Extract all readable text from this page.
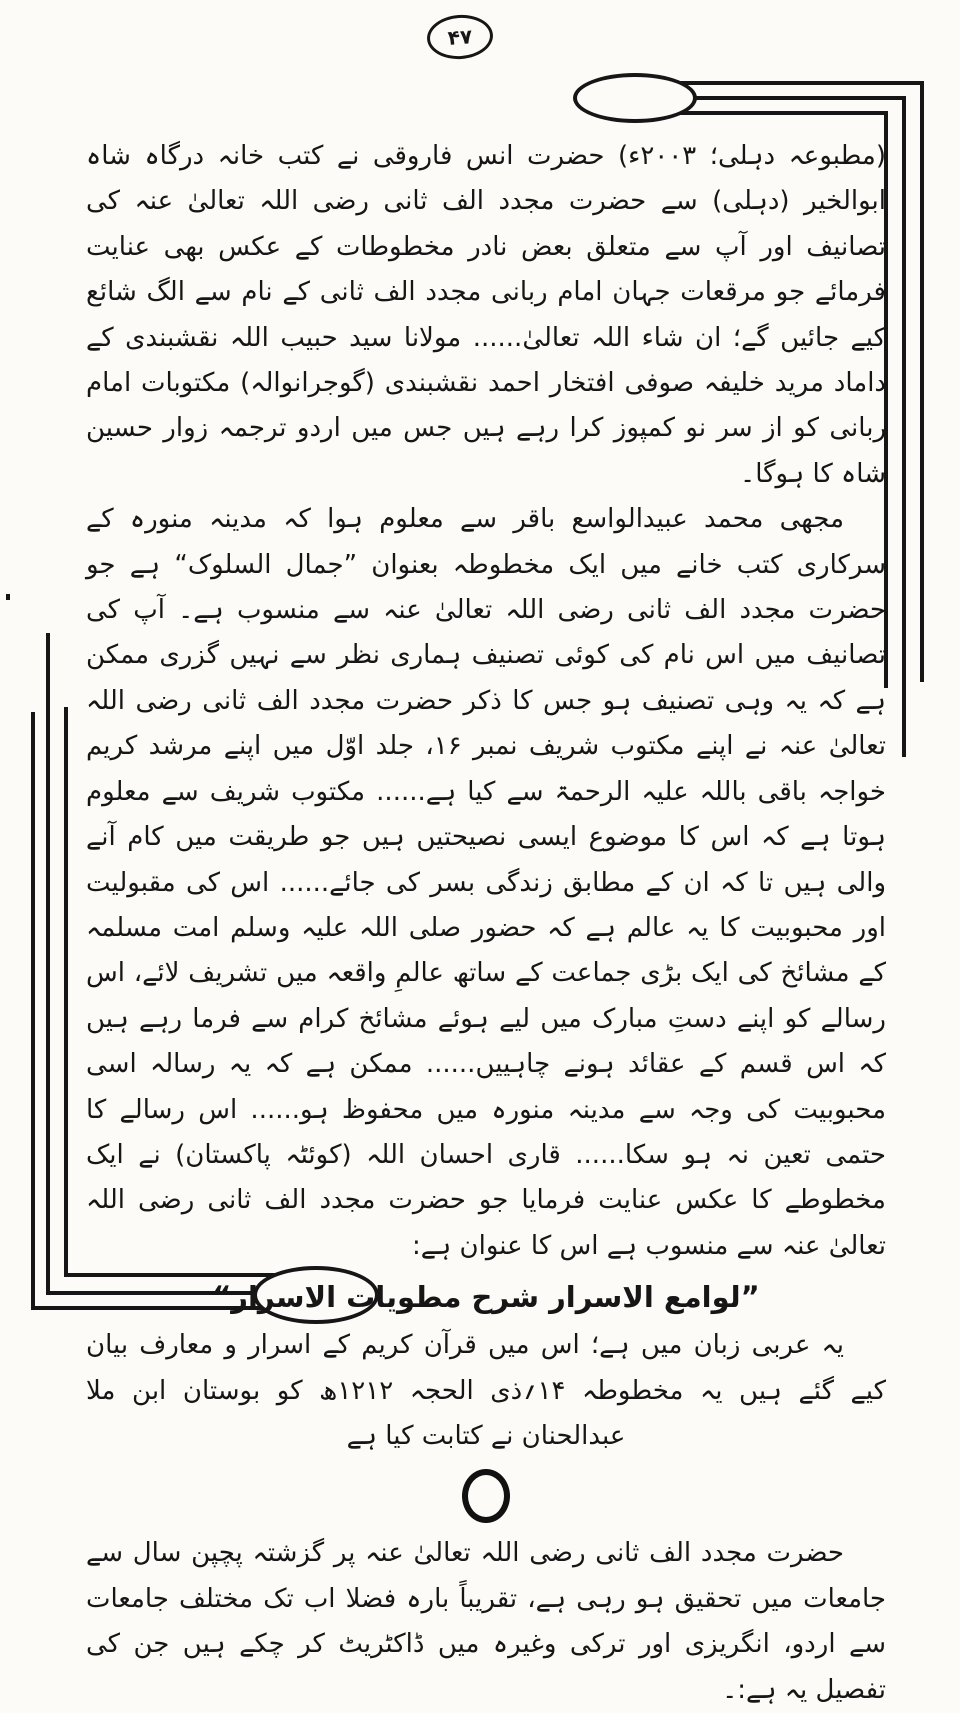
۴۷

(مطبوعہ دہلی؛ ۲۰۰۳ء) حضرت انس فاروقی نے کتب خانہ درگاہ شاہ ابوالخیر (دہلی) سے حضرت مجدد الف ثانی رضی اللہ تعالیٰ عنہ کی تصانیف اور آپ سے متعلق بعض نادر مخطوطات کے عکس بھی عنایت فرمائے جو مرقعات جہان امام ربانی مجدد الف ثانی کے نام سے الگ شائع کیے جائیں گے؛ ان شاء اللہ تعالیٰ...... مولانا سید حبیب اللہ نقشبندی کے داماد مرید خلیفہ صوفی افتخار احمد نقشبندی (گوجرانوالہ) مکتوبات امام ربانی کو از سر نو کمپوز کرا رہے ہیں جس میں اردو ترجمہ زوار حسین شاہ کا ہوگا۔

مجھی محمد عبیدالواسع باقر سے معلوم ہوا کہ مدینہ منورہ کے سرکاری کتب خانے میں ایک مخطوطہ بعنوان ”جمال السلوک“ ہے جو حضرت مجدد الف ثانی رضی اللہ تعالیٰ عنہ سے منسوب ہے۔ آپ کی تصانیف میں اس نام کی کوئی تصنیف ہماری نظر سے نہیں گزری ممکن ہے کہ یہ وہی تصنیف ہو جس کا ذکر حضرت مجدد الف ثانی رضی اللہ تعالیٰ عنہ نے اپنے مکتوب شریف نمبر ۱۶، جلد اوّل میں اپنے مرشد کریم خواجہ باقی باللہ علیہ الرحمۃ سے کیا ہے...... مکتوب شریف سے معلوم ہوتا ہے کہ اس کا موضوع ایسی نصیحتیں ہیں جو طریقت میں کام آنے والی ہیں تا کہ ان کے مطابق زندگی بسر کی جائے...... اس کی مقبولیت اور محبوبیت کا یہ عالم ہے کہ حضور صلی اللہ علیہ وسلم امت مسلمہ کے مشائخ کی ایک بڑی جماعت کے ساتھ عالمِ واقعہ میں تشریف لائے، اس رسالے کو اپنے دستِ مبارک میں لیے ہوئے مشائخ کرام سے فرما رہے ہیں کہ اس قسم کے عقائد ہونے چاہییں...... ممکن ہے کہ یہ رسالہ اسی محبوبیت کی وجہ سے مدینہ منورہ میں محفوظ ہو...... اس رسالے کا حتمی تعین نہ ہو سکا...... قاری احسان اللہ (کوئٹہ پاکستان) نے ایک مخطوطے کا عکس عنایت فرمایا جو حضرت مجدد الف ثانی رضی اللہ تعالیٰ عنہ سے منسوب ہے اس کا عنوان ہے:

”لوامع الاسرار شرح مطویات الاسرار“

یہ عربی زبان میں ہے؛ اس میں قرآن کریم کے اسرار و معارف بیان کیے گئے ہیں یہ مخطوطہ ۱۴؍ذی الحجہ ۱۲۱۲ھ کو بوستان ابن ملا عبدالحنان نے کتابت کیا ہے

حضرت مجدد الف ثانی رضی اللہ تعالیٰ عنہ پر گزشتہ پچپن سال سے جامعات میں تحقیق ہو رہی ہے، تقریباً بارہ فضلا اب تک مختلف جامعات سے اردو، انگریزی اور ترکی وغیرہ میں ڈاکٹریٹ کر چکے ہیں جن کی تفصیل یہ ہے:۔
